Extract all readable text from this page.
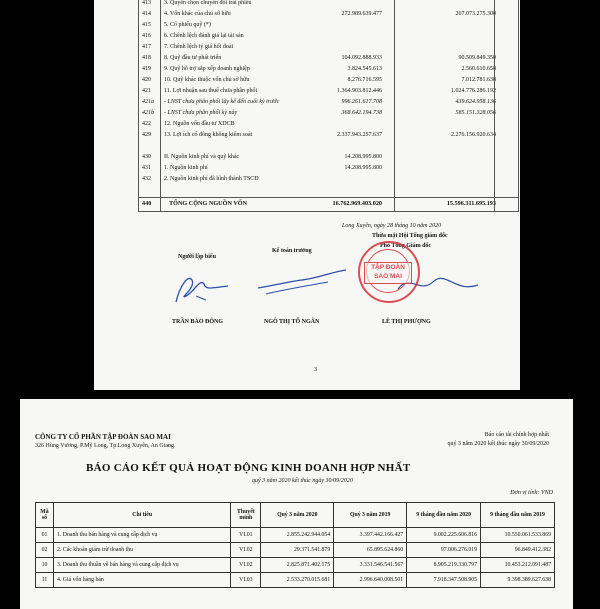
413 3. Quyền chọn chuyển đổi trái phiếu
414 4. Vốn khác của chủ sở hữu	272.989.639.477	267.073.275.300
415 5. Cổ phiếu quỹ (*)
416 6. Chênh lệch đánh giá lại tài sản
417 7. Chênh lệch tỷ giá hối đoái
418 8. Quỹ đầu tư phát triển	104.092.888.933	90.509.849.350
419 9. Quỹ hỗ trợ sắp xếp doanh nghiệp	3.824.545.613	2.560.610.658
420 10. Quỹ khác thuộc vốn chủ sở hữu	8.276.716.595	7.012.781.638
421 11. Lợi nhuận sau thuế chưa phân phối	1.364.903.812.446	1.024.776.286.192
421a - LNST chưa phân phối lũy kế đến cuối kỳ trước	996.261.617.708	439.624.958.136
421b - LNST chưa phân phối kỳ này	368.642.194.738	585.151.328.056
422 12. Nguồn vốn đầu tư XDCB
429 13. Lợi ích cổ đông không kiểm soát	2.337.943.257.637	2.276.156.920.634
430 II. Nguồn kinh phí và quỹ khác	14.208.995.800
431 1. Nguồn kinh phí	14.208.995.800
432 2. Nguồn kinh phí đã hình thành TSCĐ
440	TỔNG CỘNG NGUỒN VỐN	16.762.969.403.020	15.596.311.695.193
Long Xuyên, ngày 28 tháng 10 năm 2020
Thừa mặt Hội Tổng giám đốc
Phó Tổng Giám đốc
Người lập biểu
Kế toán trưởng
TẬP ĐOÀN
SAO MAI
TRẦN BẢO ĐÔNG	NGÔ THỊ TỐ NGÂN	LÊ THỊ PHƯỢNG
3
CÔNG TY CỔ PHẦN TẬP ĐOÀN SAO MAI
326 Hùng Vương, P.Mỹ Long, Tp.Long Xuyên, An Giang.
Báo cáo tài chính hợp nhất
quý 3 năm 2020 kết thúc ngày 30/09/2020
BÁO CÁO KẾT QUẢ HOẠT ĐỘNG KINH DOANH HỢP NHẤT
quý 3 năm 2020 kết thúc ngày 30/09/2020
Đơn vị tính: VND
Mã số	Chỉ tiêu	Thuyết minh	Quý 3 năm 2020	Quý 3 năm 2019	9 tháng đầu năm 2020	9 tháng đầu năm 2019
01	1. Doanh thu bán hàng và cung cấp dịch vụ	VI.01	2.855.242.944.054	3.397.442.166.427	9.002.225.606.816	10.550.061.533.869
02	2. Các khoản giảm trừ doanh thu	VI.02	29.371.541.879	65.895.624.860	97.006.276.019	96.849.412.382
10	3. Doanh thu thuần về bán hàng và cung cấp dịch vụ	VI.02	2.825.871.402.175	3.331.546.541.567	8.905.219.330.797	10.453.212.091.487
11	4. Giá vốn hàng bán	VI.03	2.533.270.015.681	2.996.640.008.501	7.918.347.508.905	9.398.389.627.638
